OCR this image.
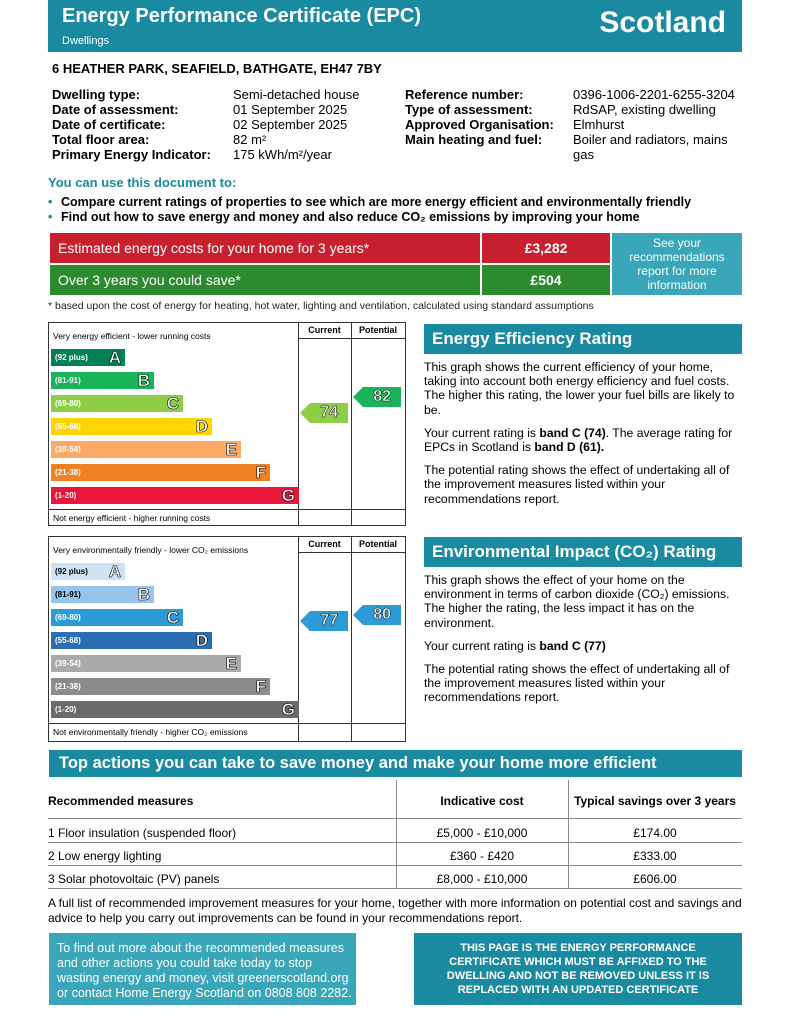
Energy Performance Certificate (EPC)
Dwellings
Scotland
6 HEATHER PARK, SEAFIELD, BATHGATE, EH47 7BY
Dwelling type:	Semi-detached house
Date of assessment:	01 September 2025
Date of certificate:	02 September 2025
Total floor area:	82 m²
Primary Energy Indicator: 175 kWh/m²/year
Reference number:	0396-1006-2201-6255-3204
Type of assessment:	RdSAP, existing dwelling
Approved Organisation: Elmhurst
Main heating and fuel: Boiler and radiators, mains gas
You can use this document to:
• Compare current ratings of properties to see which are more energy efficient and environmentally friendly
• Find out how to save energy and money and also reduce CO₂ emissions by improving your home
Estimated energy costs for your home for 3 years*	£3,282
Over 3 years you could save*	£504
See your recommendations report for more information
* based upon the cost of energy for heating, hot water, lighting and ventilation, calculated using standard assumptions
Current	Potential
Very energy efficient - lower running costs
Not energy efficient - higher running costs
(92 plus) A
(81-91)	B
(69-80)	C
(55-68)	D
(39-54)	E
(21-38)	F
(1-20)	G
74
82
Current	Potential
Very environmentally friendly - lower CO₂ emissions
Not environmentally friendly - higher CO₂ emissions
(92 plus) A
(81-91)	B
(69-80)	C
(55-68)	D
(39-54)	E
(21-38)	F
(1-20)	G
77 80
Energy Efficiency Rating

This graph shows the current efficiency of your home, taking into account both energy efficiency and fuel costs. The higher this rating, the lower your fuel bills are likely to be.

Your current rating is band C (74). The average rating for EPCs in Scotland is band D (61).

The potential rating shows the effect of undertaking all of the improvement measures listed within your recommendations report.

Environmental Impact (CO₂) Rating

This graph shows the effect of your home on the environment in terms of carbon dioxide (CO₂) emissions. The higher the rating, the less impact it has on the environment.

Your current rating is band C (77)

The potential rating shows the effect of undertaking all of the improvement measures listed within your recommendations report.

Top actions you can take to save money and make your home more efficient
Recommended measures	Indicative cost	Typical savings over 3 years
1 Floor insulation (suspended floor)	£5,000 - £10,000	£174.00
2 Low energy lighting	£360 - £420	£333.00
3 Solar photovoltaic (PV) panels	£8,000 - £10,000	£606.00
A full list of recommended improvement measures for your home, together with more information on potential cost and savings and advice to help you carry out improvements can be found in your recommendations report.
To find out more about the recommended measures and other actions you could take today to stop wasting energy and money, visit greenerscotland.org or contact Home Energy Scotland on 0808 808 2282.
THIS PAGE IS THE ENERGY PERFORMANCE CERTIFICATE WHICH MUST BE AFFIXED TO THE DWELLING AND NOT BE REMOVED UNLESS IT IS REPLACED WITH AN UPDATED CERTIFICATE
